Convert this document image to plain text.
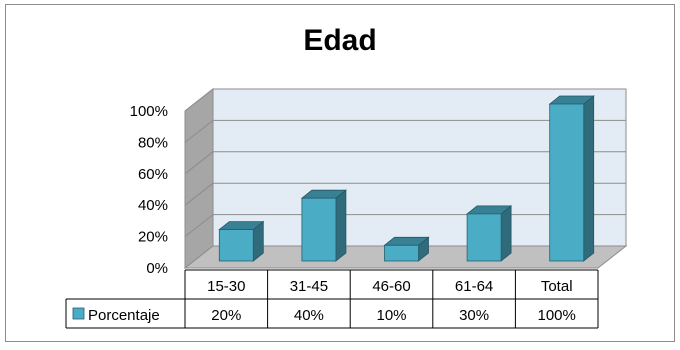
Edad
0%
20%
40%
60%
80%
100%
15-30	31-45	46-60	61-64	Total
20%	40%	10%	30%	100%
Porcentaje
